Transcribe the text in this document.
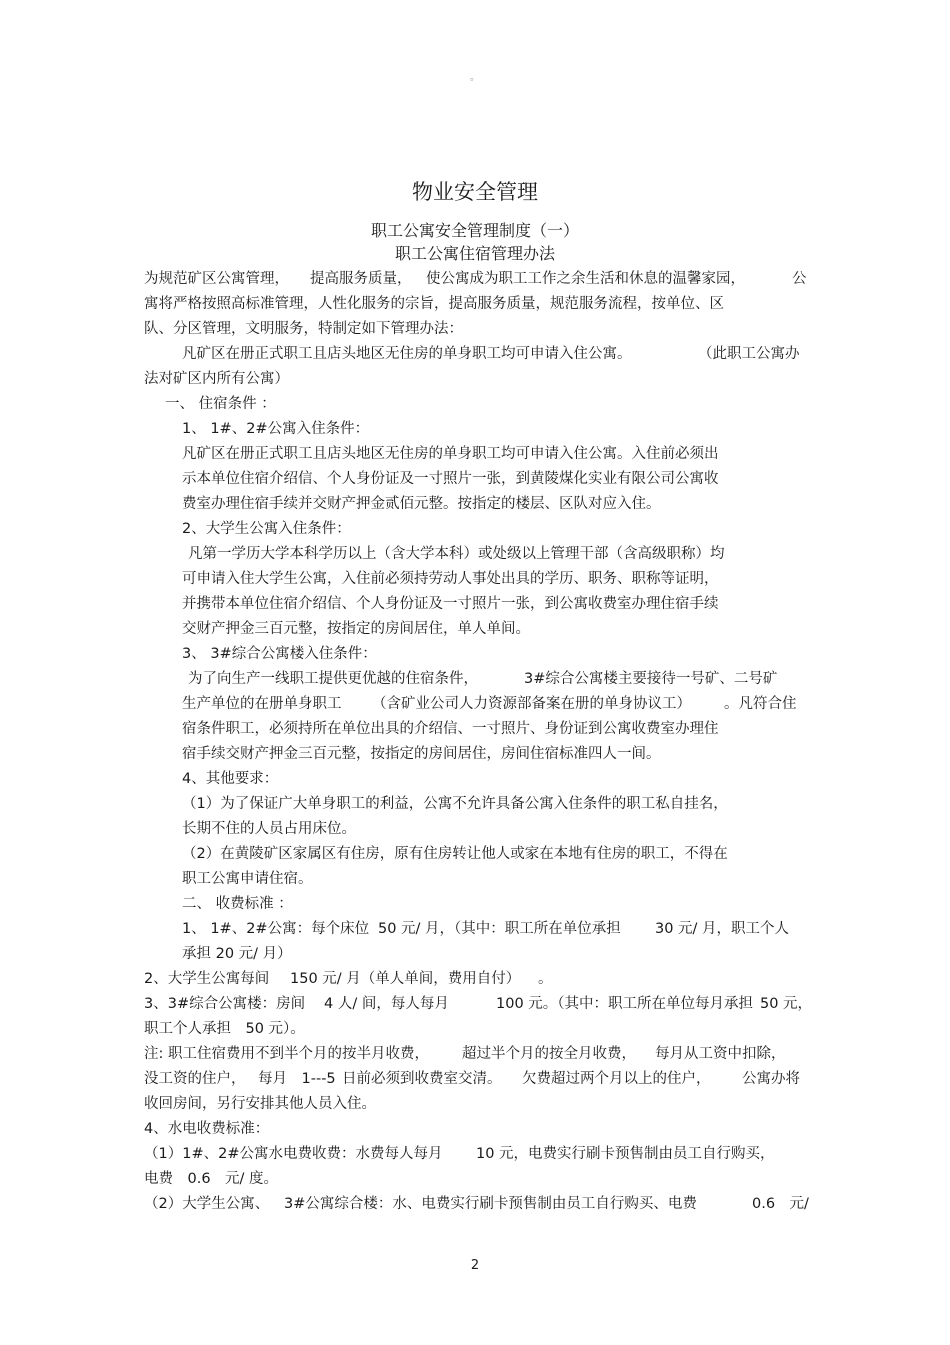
。
物业安全管理
职工公寓安全管理制度（一）
职工公寓住宿管理办法

为规范矿区公寓管理，

提高服务质量，

使公寓成为职工工作之余生活和休息的温馨家园，

	公

寓将严格按照高标准管理，人性化服务的宗旨，提高服务质量，规范服务流程，按单位、区
队、分区管理，文明服务，特制定如下管理办法：

凡矿区在册正式职工且店头地区无住房的单身职工均可申请入住公寓。

	（此职工公寓办

法对矿区内所有公寓）
一、 住宿条件 ：
1、 1#、2#公寓入住条件：
凡矿区在册正式职工且店头地区无住房的单身职工均可申请入住公寓。入住前必须出
示本单位住宿介绍信、个人身份证及一寸照片一张，到黄陵煤化实业有限公司公寓收
费室办理住宿手续并交财产押金贰佰元整。按指定的楼层、区队对应入住。
2、大学生公寓入住条件：
凡第一学历大学本科学历以上（含大学本科）或处级以上管理干部（含高级职称）均
可申请入住大学生公寓，入住前必须持劳动人事处出具的学历、职务、职称等证明，
并携带本单位住宿介绍信、个人身份证及一寸照片一张，到公寓收费室办理住宿手续
交财产押金三百元整，按指定的房间居住，单人单间。
3、 3#综合公寓楼入住条件：

为了向生产一线职工提供更优越的住宿条件，

	3#综合公寓楼主要接待一号矿、二号矿

生产单位的在册单身职工

（含矿业公司人力资源部备案在册的单身协议工）

。凡符合住

宿条件职工，必须持所在单位出具的介绍信、一寸照片、身份证到公寓收费室办理住
宿手续交财产押金三百元整，按指定的房间居住，房间住宿标准四人一间。
4、其他要求：
（1）为了保证广大单身职工的利益，公寓不允许具备公寓入住条件的职工私自挂名，
长期不住的人员占用床位。
（2）在黄陵矿区家属区有住房，原有住房转让他人或家在本地有住房的职工，不得在
职工公寓申请住宿。
二、 收费标准 ：

1、 1#、2#公寓：每个床位

50 元/ 月，（其中：职工所在单位承担

30 元/ 月，职工个人

承担 20 元/ 月）

2、大学生公寓每间

150 元/ 月（单人单间，费用自付）

。

3、3#综合公寓楼：房间

4 人/ 间，每人每月

	100 元。（其中：职工所在单位每月承担

50 元，

职工个人承担　50 元）。

注: 职工住宿费用不到半个月的按半月收费，

超过半个月的按全月收费，

每月从工资中扣除，

没工资的住户，

每月　1---5

日前必须到收费室交清。

欠费超过两个月以上的住户，

公寓办将

收回房间，另行安排其他人员入住。
4、水电收费标准：

（1）1#、2#公寓水电费收费：水费每人每月

10 元，电费实行刷卡预售制由员工自行购买，

电费　0.6　元/ 度。

（2）大学生公寓、

3#公寓综合楼：水、电费实行刷卡预售制由员工自行购买、电费

	0.6　元/

2
